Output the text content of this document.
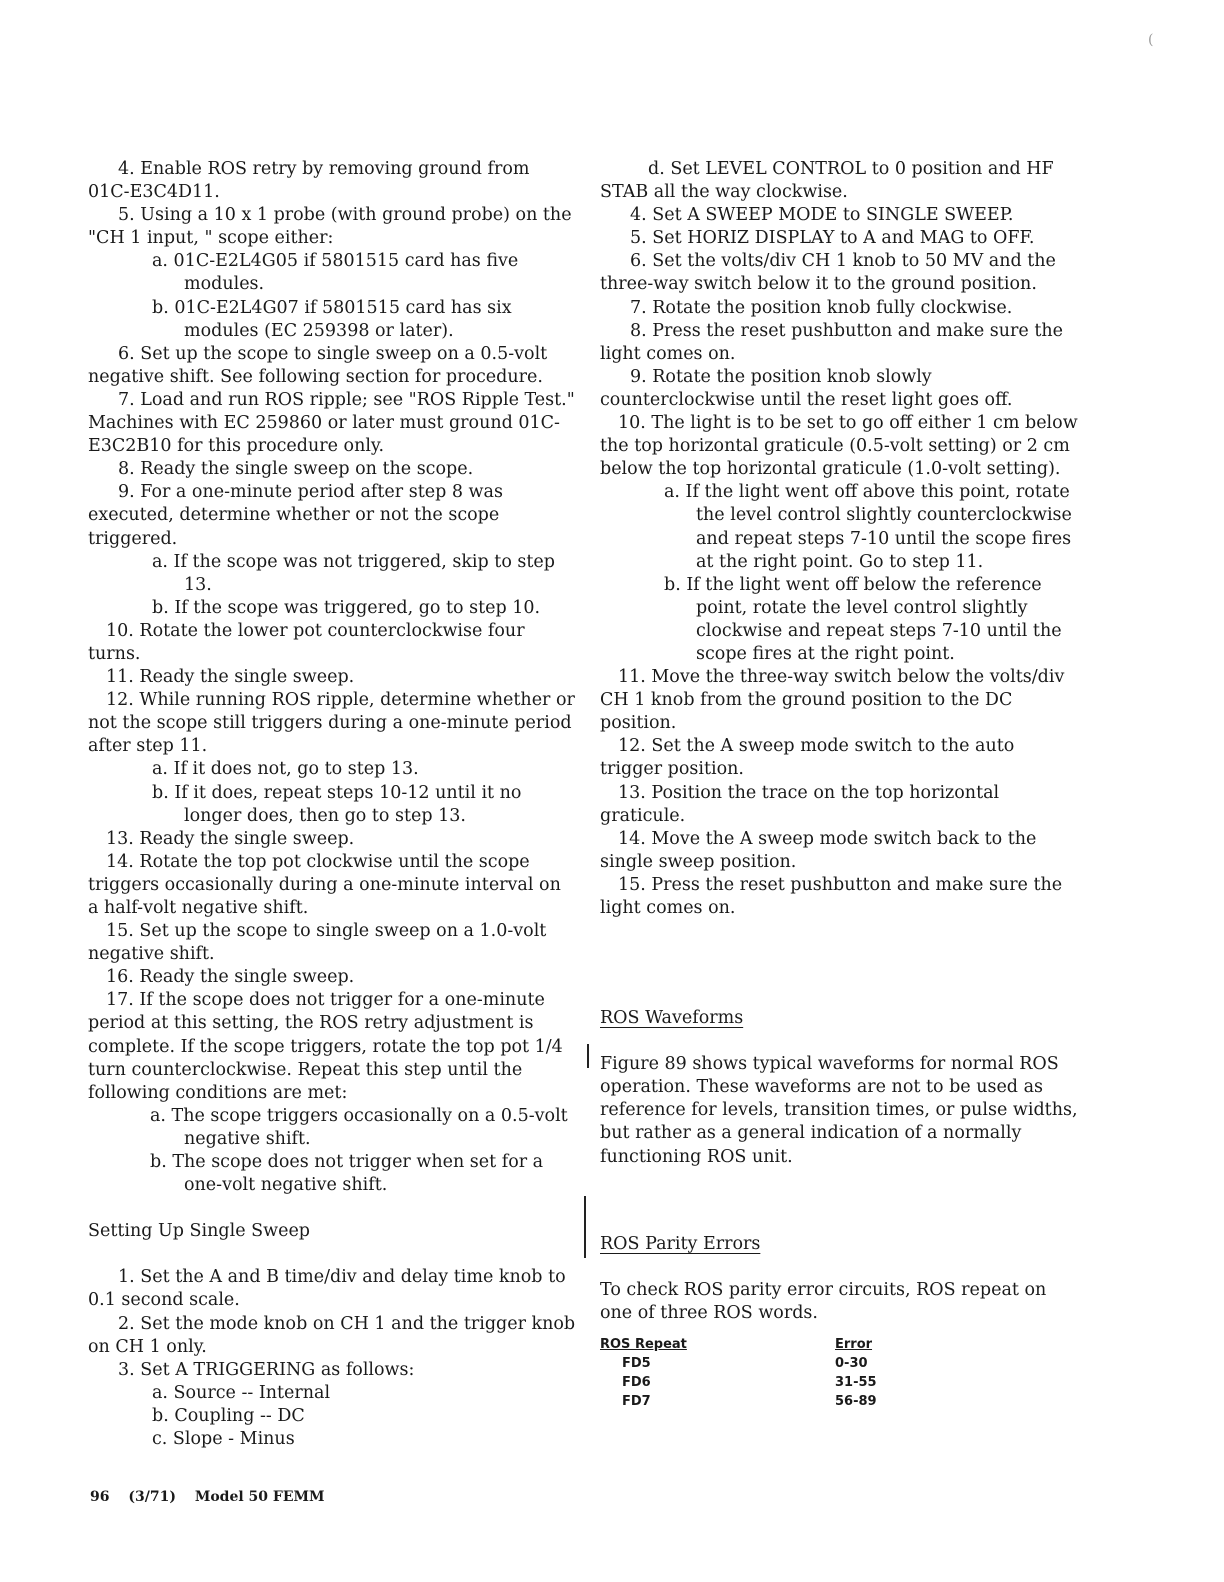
(

4. Enable ROS retry by removing ground from 01C-E3C4D11.

5. Using a 10 x 1 probe (with ground probe) on the "CH 1 input, " scope either:

a. 01C-E2L4G05 if 5801515 card has five modules.

b. 01C-E2L4G07 if 5801515 card has six modules (EC 259398 or later).

6. Set up the scope to single sweep on a 0.5-volt negative shift. See following section for procedure.

7. Load and run ROS ripple; see "ROS Ripple Test." Machines with EC 259860 or later must ground 01C-E3C2B10 for this procedure only.

8. Ready the single sweep on the scope.

9. For a one-minute period after step 8 was executed, determine whether or not the scope triggered.

a. If the scope was not triggered, skip to step 13.

b. If the scope was triggered, go to step 10.

10. Rotate the lower pot counterclockwise four turns.

11. Ready the single sweep.

12. While running ROS ripple, determine whether or not the scope still triggers during a one-minute period after step 11.

a. If it does not, go to step 13.

b. If it does, repeat steps 10-12 until it no longer does, then go to step 13.

13. Ready the single sweep.

14. Rotate the top pot clockwise until the scope triggers occasionally during a one-minute interval on a half-volt negative shift.

15. Set up the scope to single sweep on a 1.0-volt negative shift.

16. Ready the single sweep.

17. If the scope does not trigger for a one-minute period at this setting, the ROS retry adjustment is complete. If the scope triggers, rotate the top pot 1/4 turn counterclockwise. Repeat this step until the following conditions are met:

a. The scope triggers occasionally on a 0.5-volt negative shift.

b. The scope does not trigger when set for a one-volt negative shift.

Setting Up Single Sweep

1. Set the A and B time/div and delay time knob to 0.1 second scale.

2. Set the mode knob on CH 1 and the trigger knob on CH 1 only.

3. Set A TRIGGERING as follows:

a. Source -- Internal

b. Coupling -- DC

c. Slope - Minus

d. Set LEVEL CONTROL to 0 position and HF STAB all the way clockwise.

4. Set A SWEEP MODE to SINGLE SWEEP.

5. Set HORIZ DISPLAY to A and MAG to OFF.

6. Set the volts/div CH 1 knob to 50 MV and the three-way switch below it to the ground position.

7. Rotate the position knob fully clockwise.

8. Press the reset pushbutton and make sure the light comes on.

9. Rotate the position knob slowly counterclockwise until the reset light goes off.

10. The light is to be set to go off either 1 cm below the top horizontal graticule (0.5-volt setting) or 2 cm below the top horizontal graticule (1.0-volt setting).

a. If the light went off above this point, rotate the level control slightly counterclockwise and repeat steps 7-10 until the scope fires at the right point. Go to step 11.

b. If the light went off below the reference point, rotate the level control slightly clockwise and repeat steps 7-10 until the scope fires at the right point.

11. Move the three-way switch below the volts/div CH 1 knob from the ground position to the DC position.

12. Set the A sweep mode switch to the auto trigger position.

13. Position the trace on the top horizontal graticule.

14. Move the A sweep mode switch back to the single sweep position.

15. Press the reset pushbutton and make sure the light comes on.

ROS Waveforms

Figure 89 shows typical waveforms for normal ROS operation. These waveforms are not to be used as reference for levels, transition times, or pulse widths, but rather as a general indication of a normally functioning ROS unit.

ROS Parity Errors

To check ROS parity error circuits, ROS repeat on one of three ROS words.

ROS Repeat	Error
FD5	0-30
FD6	31-55
FD7	56-89
96 (3/71) Model 50 FEMM
